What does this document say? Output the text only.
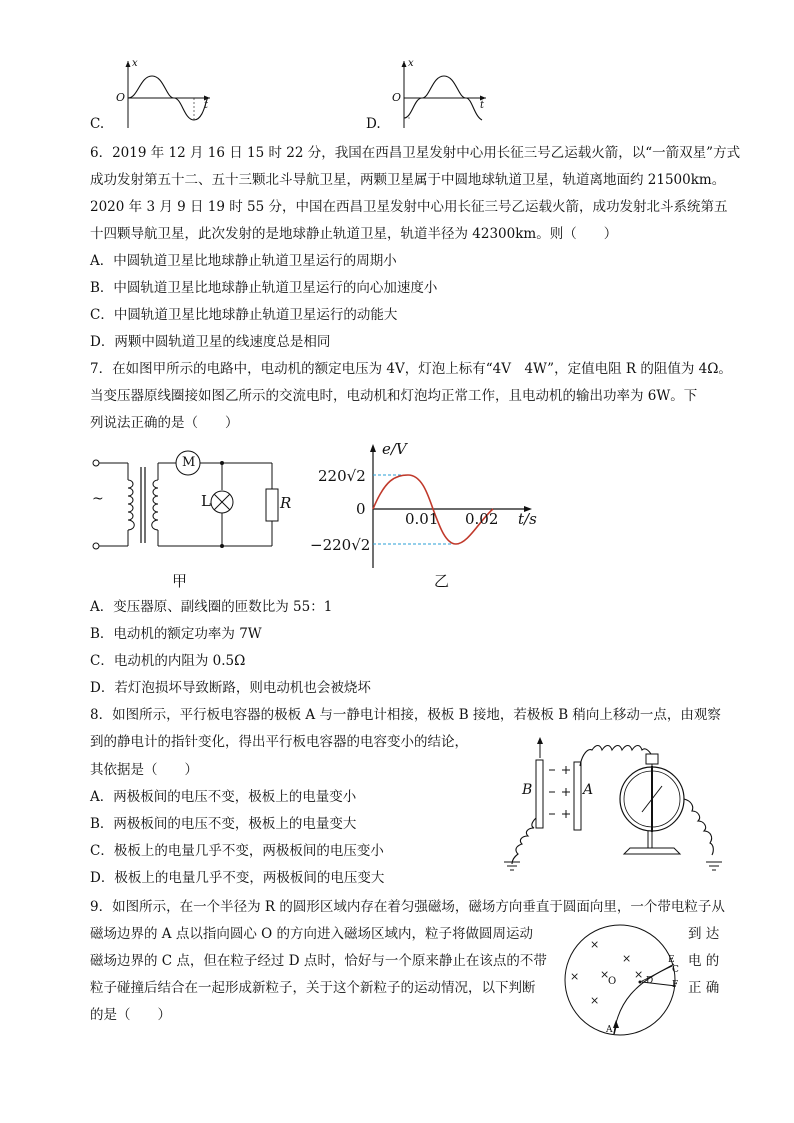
x
O
t
C.
x
O
t
D.
6．2019 年 12 月 16 日 15 时 22 分，我国在西昌卫星发射中心用长征三号乙运载火箭，以“一箭双星”方式
成功发射第五十二、五十三颗北斗导航卫星，两颗卫星属于中圆地球轨道卫星，轨道离地面约 21500km。
2020 年 3 月 9 日 19 时 55 分，中国在西昌卫星发射中心用长征三号乙运载火箭，成功发射北斗系统第五
十四颗导航卫星，此次发射的是地球静止轨道卫星，轨道半径为 42300km。则（　　）
A．中圆轨道卫星比地球静止轨道卫星运行的周期小
B．中圆轨道卫星比地球静止轨道卫星运行的向心加速度小
C．中圆轨道卫星比地球静止轨道卫星运行的动能大
D．两颗中圆轨道卫星的线速度总是相同
7．在如图甲所示的电路中，电动机的额定电压为 4V，灯泡上标有“4V　4W”，定值电阻 R 的阻值为 4Ω。
当变压器原线圈接如图乙所示的交流电时，电动机和灯泡均正常工作，且电动机的输出功率为 6W。下
列说法正确的是（　　）
~
M
L	R
甲
e/V
220√2
0
0.01 0.02 t/s
−220√2
乙
A．变压器原、副线圈的匝数比为 55：1
B．电动机的额定功率为 7W
C．电动机的内阻为 0.5Ω
D．若灯泡损坏导致断路，则电动机也会被烧坏
8．如图所示，平行板电容器的极板 A 与一静电计相接，极板 B 接地，若极板 B 稍向上移动一点，由观察
到的静电计的指针变化，得出平行板电容器的电容变小的结论，
其依据是（　　）
A．两极板间的电压不变，极板上的电量变小
B．两极板间的电压不变，极板上的电量变大
C．极板上的电量几乎不变，两极板间的电压变小
D．极板上的电量几乎不变，两极板间的电压变大
B	A
9．如图所示，在一个半径为 R 的圆形区域内存在着匀强磁场，磁场方向垂直于圆面向里，一个带电粒子从
磁场边界的 A 点以指向圆心 O 的方向进入磁场区域内，粒子将做圆周运动
磁场边界的 C 点，但在粒子经过 D 点时，恰好与一个原来静止在该点的不带
粒子碰撞后结合在一起形成新粒子，关于这个新粒子的运动情况，以下判断
的是（　　）
到 达
电 的
正 确
×
×
× × ×
×
O
E
C
D F
A
